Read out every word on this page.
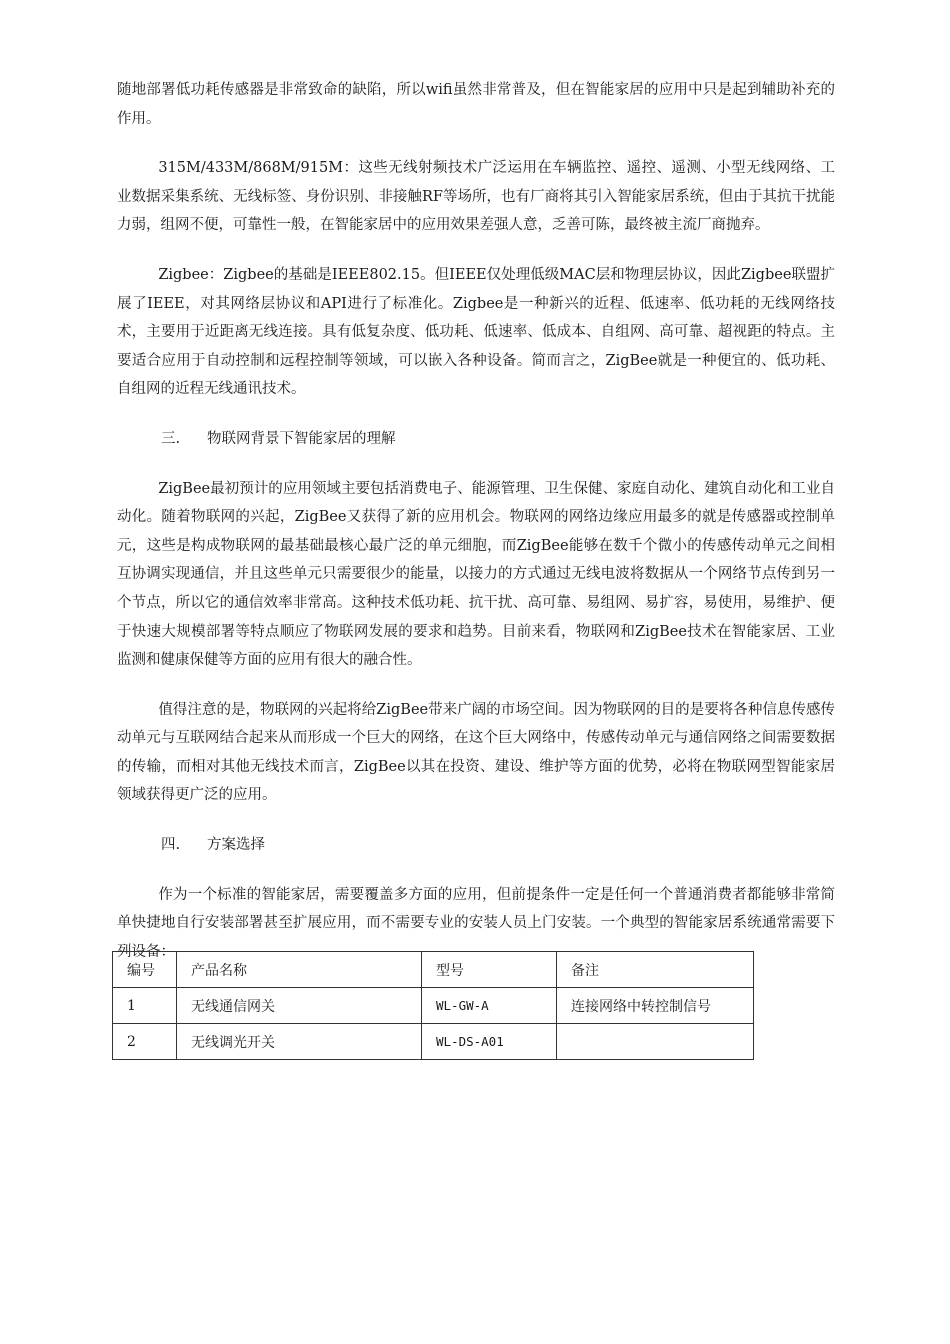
随地部署低功耗传感器是非常致命的缺陷，所以wifi虽然非常普及，但在智能家居的应用中只是起到辅助补充的作用。

315M/433M/868M/915M：这些无线射频技术广泛运用在车辆监控、遥控、遥测、小型无线网络、工业数据采集系统、无线标签、身份识别、非接触RF等场所，也有厂商将其引入智能家居系统，但由于其抗干扰能力弱，组网不便，可靠性一般，在智能家居中的应用效果差强人意，乏善可陈，最终被主流厂商抛弃。

Zigbee：Zigbee的基础是IEEE802.15。但IEEE仅处理低级MAC层和物理层协议，因此Zigbee联盟扩展了IEEE，对其网络层协议和API进行了标准化。Zigbee是一种新兴的近程、低速率、低功耗的无线网络技术，主要用于近距离无线连接。具有低复杂度、低功耗、低速率、低成本、自组网、高可靠、超视距的特点。主要适合应用于自动控制和远程控制等领域，可以嵌入各种设备。简而言之，ZigBee就是一种便宜的、低功耗、自组网的近程无线通讯技术。

三. 物联网背景下智能家居的理解

ZigBee最初预计的应用领域主要包括消费电子、能源管理、卫生保健、家庭自动化、建筑自动化和工业自动化。随着物联网的兴起，ZigBee又获得了新的应用机会。物联网的网络边缘应用最多的就是传感器或控制单元，这些是构成物联网的最基础最核心最广泛的单元细胞，而ZigBee能够在数千个微小的传感传动单元之间相互协调实现通信，并且这些单元只需要很少的能量，以接力的方式通过无线电波将数据从一个网络节点传到另一个节点，所以它的通信效率非常高。这种技术低功耗、抗干扰、高可靠、易组网、易扩容，易使用，易维护、便于快速大规模部署等特点顺应了物联网发展的要求和趋势。目前来看，物联网和ZigBee技术在智能家居、工业监测和健康保健等方面的应用有很大的融合性。

值得注意的是，物联网的兴起将给ZigBee带来广阔的市场空间。因为物联网的目的是要将各种信息传感传动单元与互联网结合起来从而形成一个巨大的网络，在这个巨大网络中，传感传动单元与通信网络之间需要数据的传输，而相对其他无线技术而言，ZigBee以其在投资、建设、维护等方面的优势，必将在物联网型智能家居领域获得更广泛的应用。

四. 方案选择

作为一个标准的智能家居，需要覆盖多方面的应用，但前提条件一定是任何一个普通消费者都能够非常简单快捷地自行安装部署甚至扩展应用，而不需要专业的安装人员上门安装。一个典型的智能家居系统通常需要下列设备：

编号	产品名称	型号	备注
1	无线通信网关	WL-GW-A	连接网络中转控制信号
2	无线调光开关	WL-DS-A01	
